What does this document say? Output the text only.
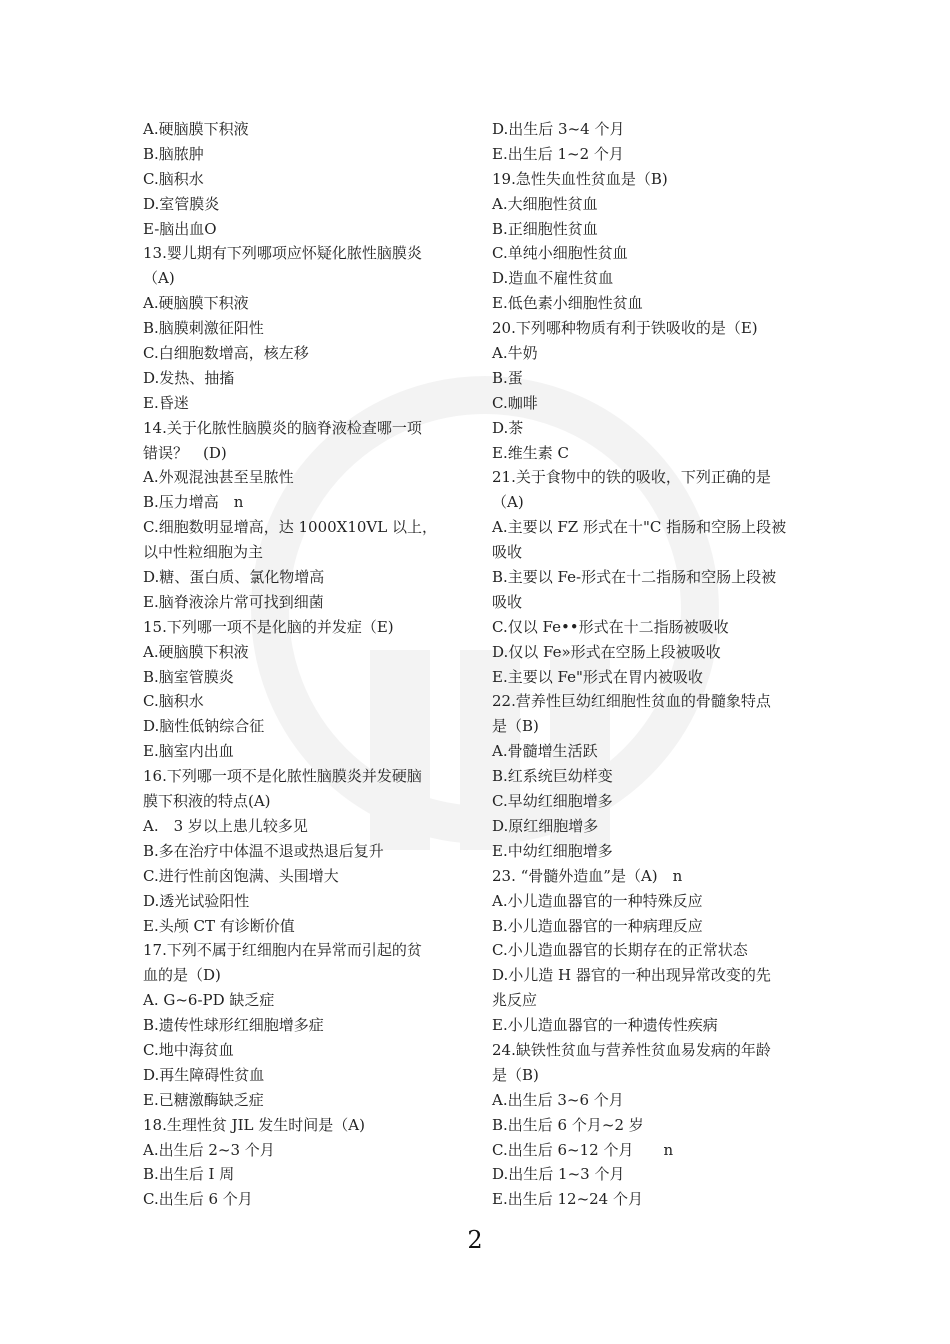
A.硬脑膜下积液
B.脑脓肿
C.脑积水
D.室管膜炎
E-脑出血O
13.婴儿期有下列哪项应怀疑化脓性脑膜炎
（A)
A.硬脑膜下积液
B.脑膜刺激征阳性
C.白细胞数增高，核左移
D.发热、抽搐
E.昏迷
14.关于化脓性脑膜炎的脑脊液检查哪一项
错误？　(D)
A.外观混浊甚至呈脓性
B.压力增高　n
C.细胞数明显增高，达 1000X10VL 以上，
以中性粒细胞为主
D.糖、蛋白质、氯化物增高
E.脑脊液涂片常可找到细菌
15.下列哪一项不是化脑的并发症（E)
A.硬脑膜下积液
B.脑室管膜炎
C.脑积水
D.脑性低钠综合征
E.脑室内出血
16.下列哪一项不是化脓性脑膜炎并发硬脑
膜下积液的特点(A)
A.　3 岁以上患儿较多见
B.多在治疗中体温不退或热退后复升
C.进行性前囟饱满、头围增大
D.透光试验阳性
E.头颅 CT 有诊断价值
17.下列不属于红细胞内在异常而引起的贫
血的是（D)
A. G~6-PD 缺乏症
B.遗传性球形红细胞增多症
C.地中海贫血
D.再生障碍性贫血
E.已糖激酶缺乏症
18.生理性贫 JIL 发生时间是（A)
A.出生后 2~3 个月
B.出生后 I 周
C.出生后 6 个月
D.出生后 3~4 个月
E.出生后 1~2 个月
19.急性失血性贫血是（B)
A.大细胞性贫血
B.正细胞性贫血
C.单纯小细胞性贫血
D.造血不雇性贫血
E.低色素小细胞性贫血
20.下列哪种物质有利于铁吸收的是（E)
A.牛奶
B.蛋
C.咖啡
D.茶
E.维生素 C
21.关于食物中的铁的吸收，下列正确的是
（A)
A.主要以 FZ 形式在十"C 指肠和空肠上段被
吸收
B.主要以 Fe-形式在十二指肠和空肠上段被
吸收
C.仅以 Fe••形式在十二指肠被吸收
D.仅以 Fe»形式在空肠上段被吸收
E.主要以 Fe"形式在胃内被吸收
22.营养性巨幼红细胞性贫血的骨髓象特点
是（B)
A.骨髓增生活跃
B.红系统巨幼样变
C.早幼红细胞增多
D.原红细胞增多
E.中幼红细胞增多
23. “骨髓外造血”是（A)　n
A.小儿造血器官的一种特殊反应
B.小儿造血器官的一种病理反应
C.小儿造血器官的长期存在的正常状态
D.小儿造 H 器官的一种出现异常改变的先
兆反应
E.小儿造血器官的一种遗传性疾病
24.缺铁性贫血与营养性贫血易发病的年龄
是（B)
A.出生后 3~6 个月
B.出生后 6 个月~2 岁
C.出生后 6~12 个月　　n
D.出生后 1~3 个月
E.出生后 12~24 个月
2
